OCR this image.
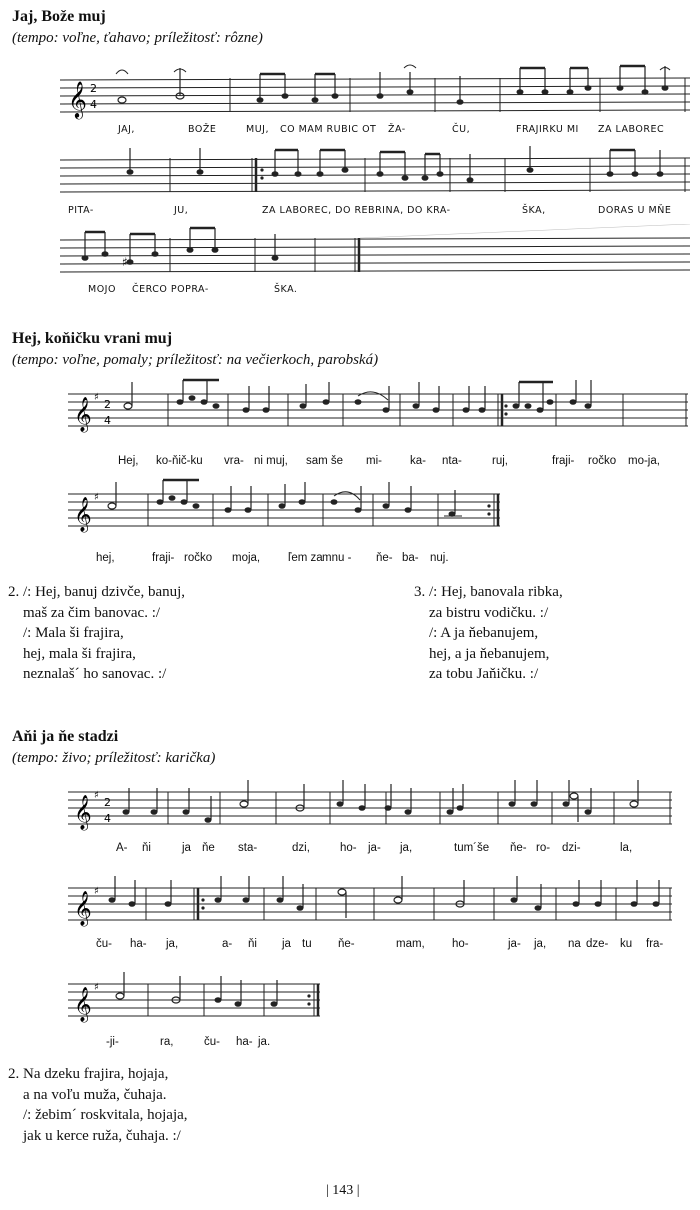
Jaj, Bože muj
(tempo: voľne, ťahavo; príležitosť: rôzne)
𝄞 2
4
JAJ,	BOŽE	MUJ, CO MAM RUBIC OT ŽA-	ČU,	FRAJIRKU MI ZA LABOREC
PITA-	JU,	ZA LABOREC, DO REBRINA, DO KRA-	ŠKA,	DORAS U MŇE
♯
MOJO ČERCO POPRA-	ŠKA.
Hej, koňičku vrani muj
(tempo: voľne, pomaly; príležitosť: na večierkoch, parobská)
𝄞 ♯
2
4
Hej, ko-ňič-ku vra- ni muj, sam še mi- ka- nta-	ruj,	fraji- ročko mo-ja,
𝄞 ♯
hej,	fraji- ročko moja, ľem za mnu - ňe- ba- nuj.
2. /: Hej, banuj dzivče, banuj,
maš za čim banovac. :/
/: Mala ši frajira,
hej, mala ši frajira,
neznalaš´ ho sanovac. :/
3. /: Hej, banovala ribka,
za bistru vodičku. :/
/: A ja ňebanujem,
hej, a ja ňebanujem,
za tobu Jaňičku. :/
Aňi ja ňe stadzi
(tempo: živo; príležitosť: karička)
𝄞 ♯
2
4
A- ňi	ja ňe sta-	dzi,	ho- ja- ja,	tum´še ňe- ro- dzi-	la,
𝄞 ♯
ču- ha- ja,	a- ňi ja tu ňe-	mam, ho-	ja- ja, na dze- ku fra-
𝄞 ♯
-ji-	ra,	ču- ha- ja.
2. Na dzeku frajira, hojaja,
a na voľu muža, čuhaja.
/: žebim´ roskvitala, hojaja,
jak u kerce ruža, čuhaja. :/
| 143 |
